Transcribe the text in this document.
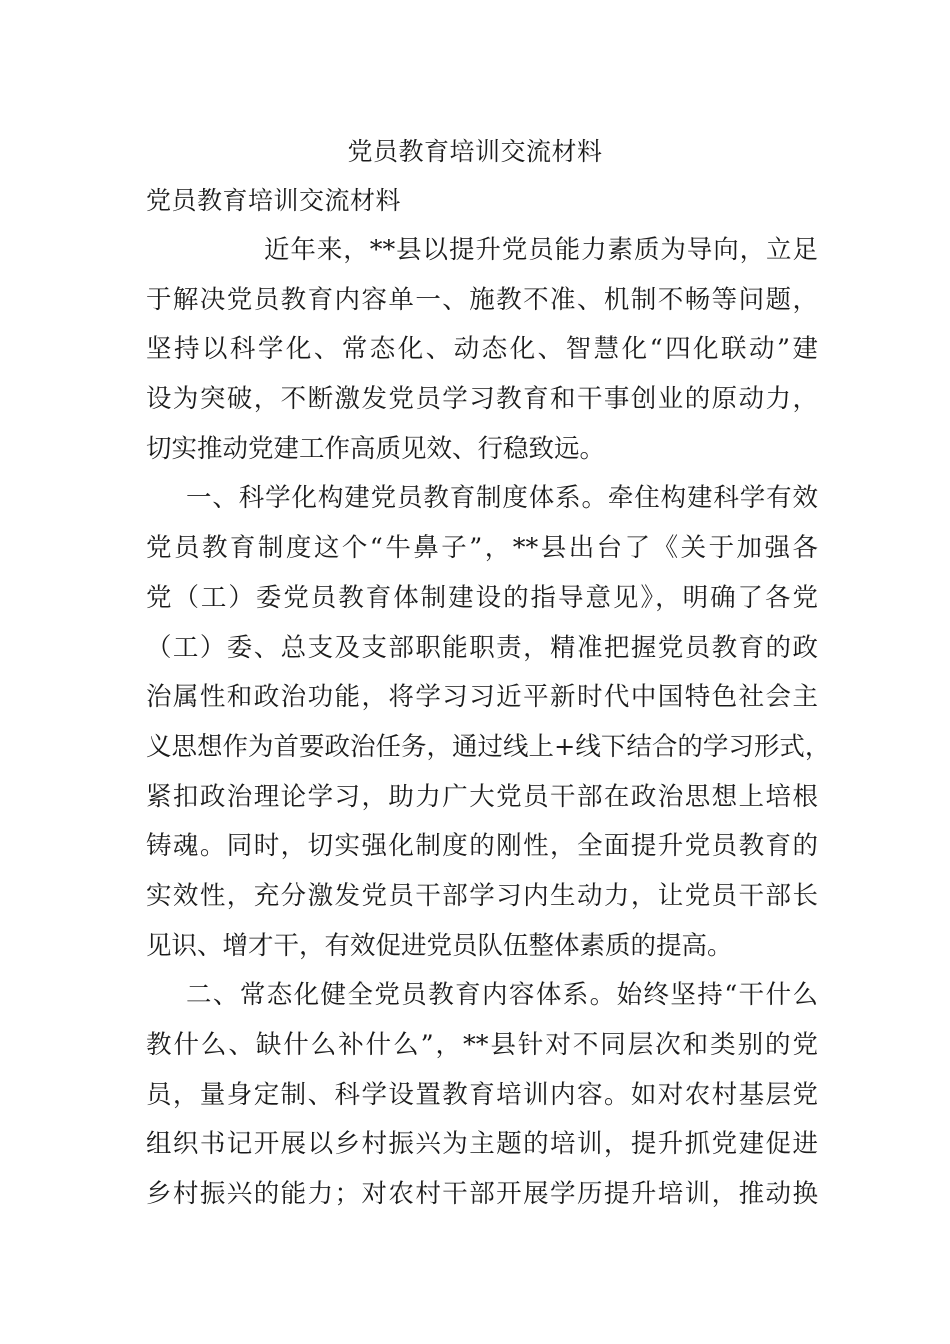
党员教育培训交流材料
党员教育培训交流材料
近年来，**县以提升党员能力素质为导向，立足
于解决党员教育内容单一、施教不准、机制不畅等问题，
坚持以科学化、常态化、动态化、智慧化“四化联动”建
设为突破，不断激发党员学习教育和干事创业的原动力，
切实推动党建工作高质见效、行稳致远。
一、科学化构建党员教育制度体系。牵住构建科学有效
党员教育制度这个“牛鼻子”，**县出台了《关于加强各
党（工）委党员教育体制建设的指导意见》，明确了各党
（工）委、总支及支部职能职责，精准把握党员教育的政
治属性和政治功能，将学习习近平新时代中国特色社会主
义思想作为首要政治任务，通过线上+线下结合的学习形式，
紧扣政治理论学习，助力广大党员干部在政治思想上培根
铸魂。同时，切实强化制度的刚性，全面提升党员教育的
实效性，充分激发党员干部学习内生动力，让党员干部长
见识、增才干，有效促进党员队伍整体素质的提高。
二、常态化健全党员教育内容体系。始终坚持“干什么
教什么、缺什么补什么”，**县针对不同层次和类别的党
员，量身定制、科学设置教育培训内容。如对农村基层党
组织书记开展以乡村振兴为主题的培训，提升抓党建促进
乡村振兴的能力；对农村干部开展学历提升培训，推动换
